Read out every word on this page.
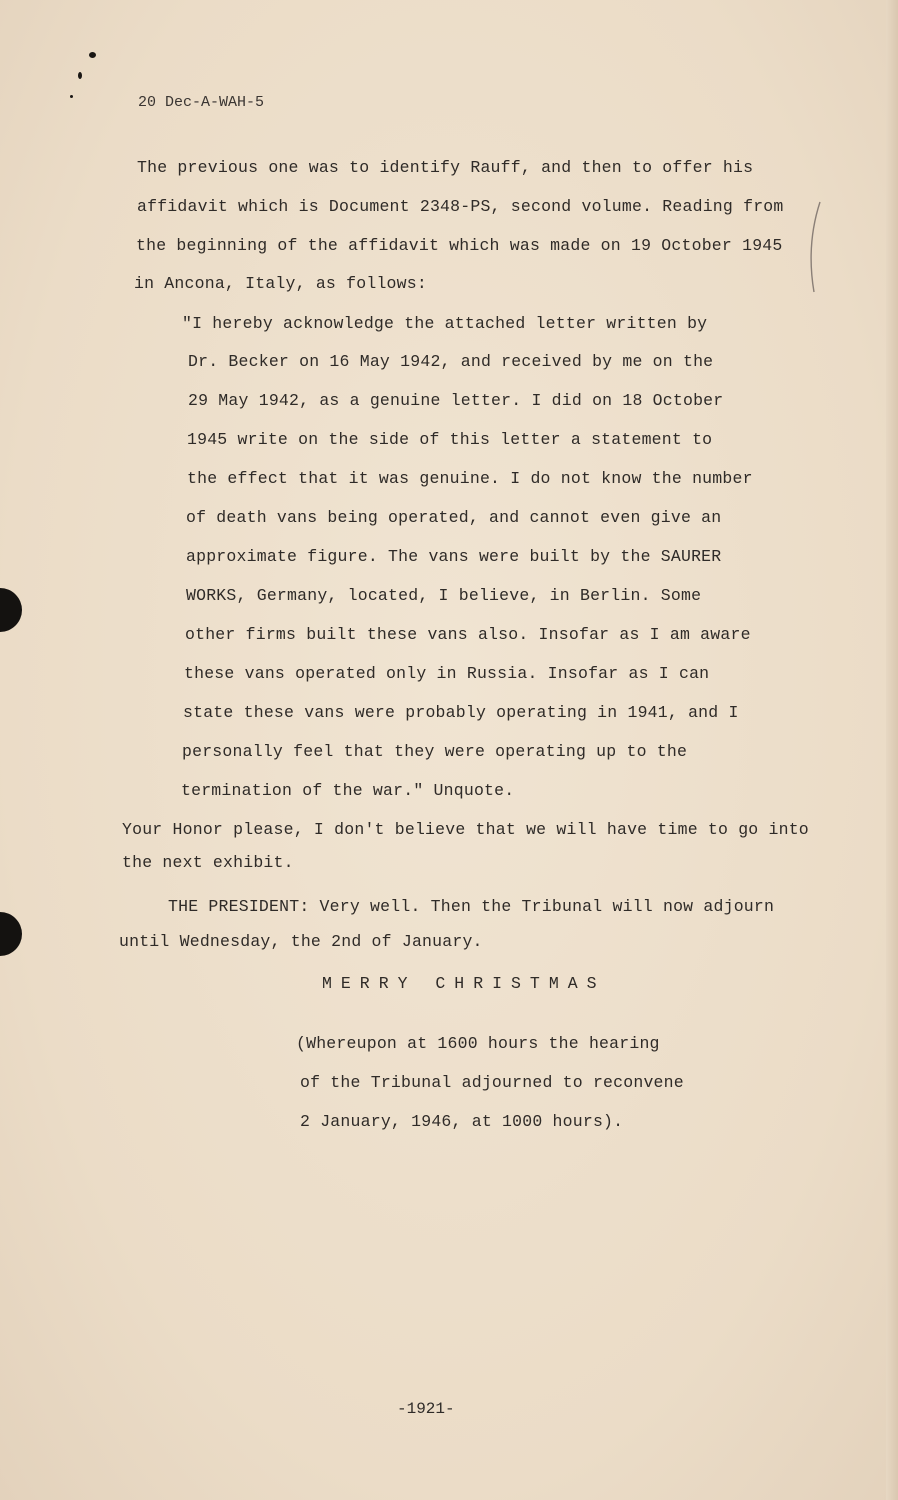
20 Dec-A-WAH-5
The previous one was to identify Rauff, and then to offer his
affidavit which is Document 2348-PS, second volume. Reading from
the beginning of the affidavit which was made on 19 October 1945
in Ancona, Italy, as follows:
"I hereby acknowledge the attached letter written by
Dr. Becker on 16 May 1942, and received by me on the
29 May 1942, as a genuine letter. I did on 18 October
1945 write on the side of this letter a statement to
the effect that it was genuine. I do not know the number
of death vans being operated, and cannot even give an
approximate figure. The vans were built by the SAURER
WORKS, Germany, located, I believe, in Berlin. Some
other firms built these vans also. Insofar as I am aware
these vans operated only in Russia. Insofar as I can
state these vans were probably operating in 1941, and I
personally feel that they were operating up to the
termination of the war." Unquote.
Your Honor please, I don't believe that we will have time to go into
the next exhibit.
THE PRESIDENT: Very well. Then the Tribunal will now adjourn
until Wednesday, the 2nd of January.
MERRY CHRISTMAS
(Whereupon at 1600 hours the hearing
of the Tribunal adjourned to reconvene
2 January, 1946, at 1000 hours).
-1921-
